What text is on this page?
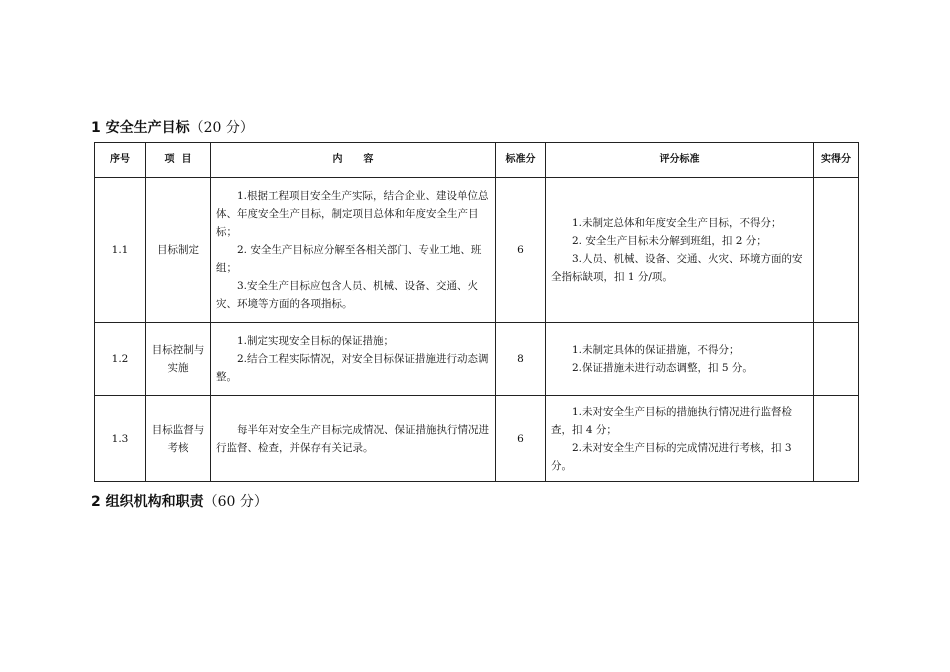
1 安全生产目标（20 分）
序号	项  目	内      容	标准分	评分标准	实得分
1.1	目标制定	1.根据工程项目安全生产实际，结合企业、建设单位总体、年度安全生产目标，制定项目总体和年度安全生产目标；
2. 安全生产目标应分解至各相关部门、专业工地、班组；
3.安全生产目标应包含人员、机械、设备、交通、火灾、环境等方面的各项指标。	6	1.未制定总体和年度安全生产目标，不得分；
2. 安全生产目标未分解到班组，扣 2 分；
3.人员、机械、设备、交通、火灾、环境方面的安全指标缺项，扣 1 分/项。	

1.2	目标控制与实施	1.制定实现安全目标的保证措施；
2.结合工程实际情况，对安全目标保证措施进行动态调整。	8	1.未制定具体的保证措施，不得分；
2.保证措施未进行动态调整，扣 5 分。	

1.3	目标监督与考核	每半年对安全生产目标完成情况、保证措施执行情况进行监督、检查，并保存有关记录。	6	1.未对安全生产目标的措施执行情况进行监督检查，扣 4 分；
2.未对安全生产目标的完成情况进行考核，扣 3 分。	

2 组织机构和职责（60 分）
